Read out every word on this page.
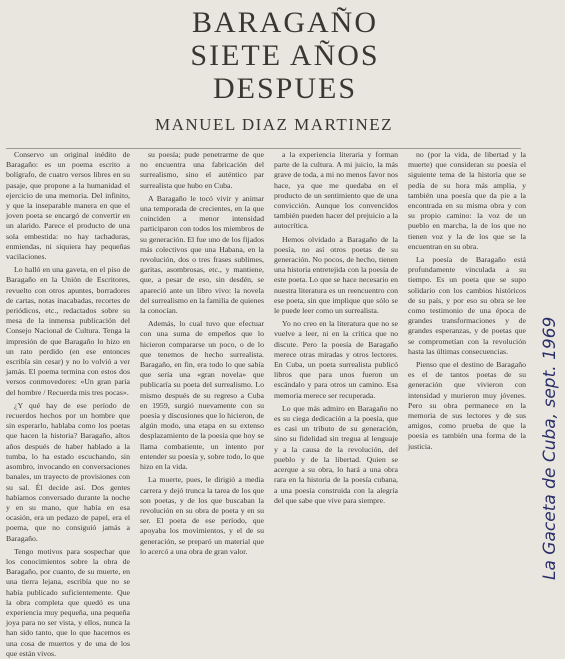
BARAGAÑO
SIETE AÑOS
DESPUES
MANUEL DIAZ MARTINEZ

Conservo un original inédito de Baragaño: es un poema escrito a bolígrafo, de cuatro versos libres en su pasaje, que propone a la humanidad el ejercicio de una memoria. Del infinito, y que la inseparable manera en que el joven poeta se encargó de convertir en un alarido. Parece el producto de una sola embestida: no hay tachaduras, enmiendas, ni siquiera hay pequeñas vacilaciones.

Lo halló en una gaveta, en el piso de Baragaño en la Unión de Escritores, revuelto con otros apuntes, borradores de cartas, notas inacabadas, recortes de periódicos, etc., redactados sobre su mesa de la inmensa publicación del Consejo Nacional de Cultura. Tenga la impresión de que Baragaño lo hizo en un rato perdido (en ese entonces escribía sin cesar) y no lo volvió a ver jamás. El poema termina con estos dos versos conmovedores: «Un gran paria del hombre / Recuerda mis tres pocas».

¿Y qué hay de ese período de recuerdos hechos por un hombre que sin esperarlo, hablaba como los poetas que hacen la historia? Baragaño, altos años después de haber hablado a la tumba, lo ha estado escuchando, sin asombro, invocando en conversaciones banales, un trayecto de provisiones con su sal. Él decide así. Dos gentes habíamos conversado durante la noche y en su mano, que había en esa ocasión, era un pedazo de papel, era el poema, que no consiguió jamás a Baragaño.

Tengo motivos para sospechar que los conocimientos sobre la obra de Baragaño, por cuanto, de su muerte, en una tierra lejana, escribía que no se había publicado suficientemente. Que la obra completa que quedó es una experiencia muy pequeña, una pequeña joya para no ser vista, y ellos, nunca la han sido tanto, que lo que hacemos es una cosa de muertos y de una de los que están vivos.

su poesía; pude penetrarme de que no encuentra una fabricación del surrealismo, sino el auténtico par surrealista que hubo en Cuba.

A Baragaño le tocó vivir y animar una temporada de crecientes, en la que coinciden a menor intensidad participaron con todos los miembros de su generación. El fue uno de los fijados más colectivos que una Habana, en la revolución, dos o tres frases sublimes, garitas, asombrosas, etc., y mantiene, que, a pesar de eso, sin desdén, se apareció ante un libro vivo: la novela del surrealismo en la familia de quienes la conocían.

Además, lo cual tuvo que efectuar con una suma de empeños que lo hicieron compararse un poco, o de lo que tenemos de hecho surrealista. Baragaño, en fin, era todo lo que sabía que sería una «gran novela» que publicaría su poeta del surrealismo. Lo mismo después de su regreso a Cuba en 1959, surgió nuevamente con su poesía y discusiones que lo hicieron, de algún modo, una etapa en su extenso desplazamiento de la poesía que hoy se llama combatiente, un intento por entender su poesía y, sobre todo, lo que hizo en la vida.

La muerte, pues, le dirigió a media carrera y dejó trunca la tarea de los que son poetas, y de los que buscaban la revolución en su obra de poeta y en su ser. El poeta de ese período, que apoyaba los movimientos, y el de su generación, se preparó un material que lo acercó a una obra de gran valor.

a la experiencia literaria y forman parte de la cultura. A mi juicio, la más grave de toda, a mi no menos favor nos hace, ya que me quedaba en el producto de un sentimiento que de una convicción. Aunque los convencidos también pueden hacer del prejuicio a la autocrítica.

Hemos olvidado a Baragaño de la poesía, no así otros poetas de su generación. No pocos, de hecho, tienen una historia entretejida con la poesía de este poeta. Lo que se hace necesario en nuestra literatura es un reencuentro con ese poeta, sin que implique que sólo se le puede leer como un surrealista.

Yo no creo en la literatura que no se vuelve a leer, ni en la crítica que no discute. Pero la poesía de Baragaño merece otras miradas y otros lectores. En Cuba, un poeta surrealista publicó libros que para unos fueron un escándalo y para otros un camino. Esa memoria merece ser recuperada.

Lo que más admiro en Baragaño no es su ciega dedicación a la poesía, que es casi un tributo de su generación, sino su fidelidad sin tregua al lenguaje y a la causa de la revolución, del pueblo y de la libertad. Quien se acerque a su obra, lo hará a una obra rara en la historia de la poesía cubana, a una poesía construida con la alegría del que sabe que vive para siempre.

no (por la vida, de libertad y la muerte) que consideran su poesía el siguiente tema de la historia que se pedía de su hora más amplia, y también una poesía que da pie a la encontrada en su misma obra y con su propio camino: la voz de un pueblo en marcha, la de los que no tienen voz y la de los que se la encuentran en su obra.

La poesía de Baragaño está profundamente vinculada a su tiempo. Es un poeta que se supo solidario con los cambios históricos de su país, y por eso su obra se lee como testimonio de una época de grandes transformaciones y de grandes esperanzas, y de poetas que se comprometían con la revolución hasta las últimas consecuencias.

Pienso que el destino de Baragaño es el de tantos poetas de su generación que vivieron con intensidad y murieron muy jóvenes. Pero su obra permanece en la memoria de sus lectores y de sus amigos, como prueba de que la poesía es también una forma de la justicia.	La Gaceta de Cuba, sept. 1969
